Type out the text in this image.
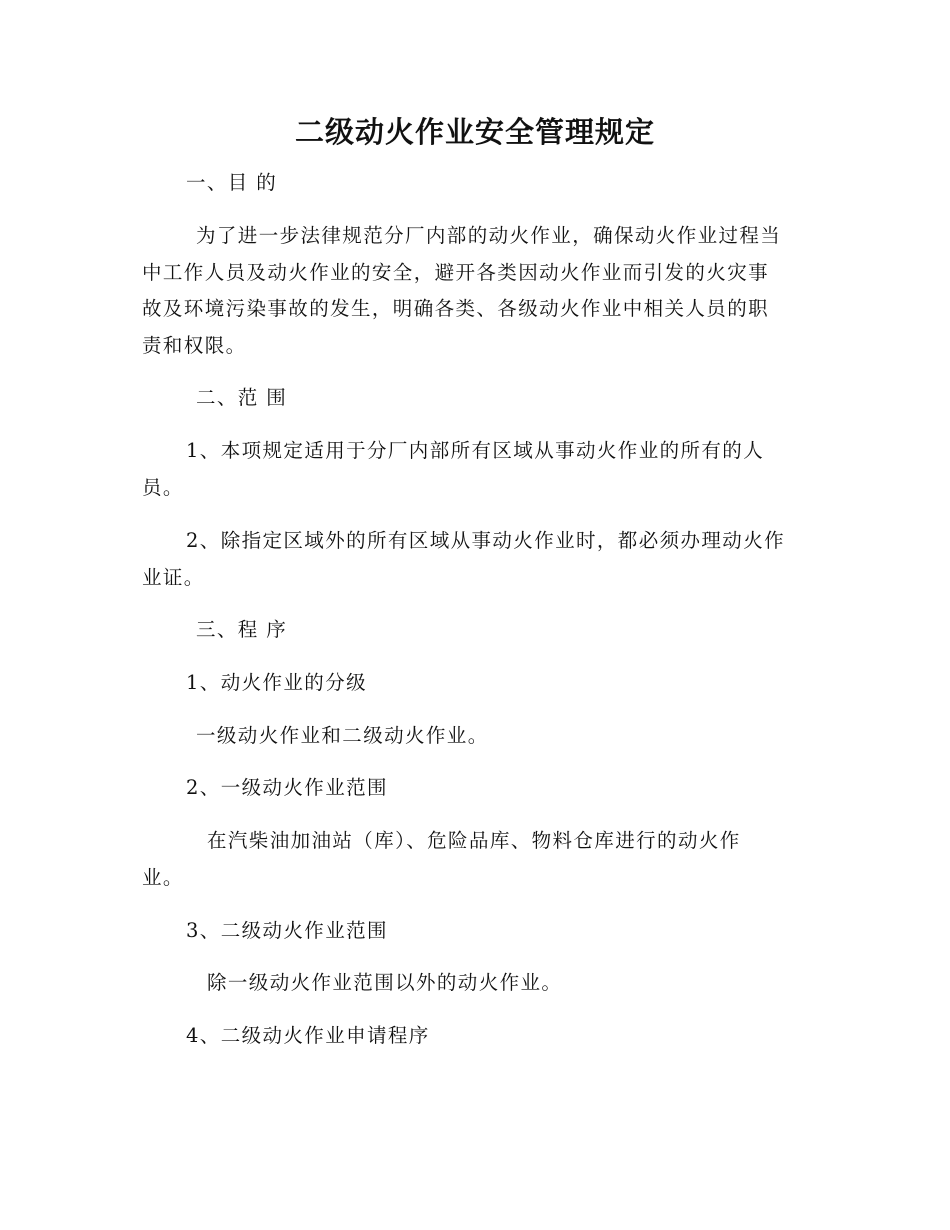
二级动火作业安全管理规定
一、目 的
为了进一步法律规范分厂内部的动火作业，确保动火作业过程当
中工作人员及动火作业的安全，避开各类因动火作业而引发的火灾事
故及环境污染事故的发生，明确各类、各级动火作业中相关人员的职
责和权限。
二、范 围
1、本项规定适用于分厂内部所有区域从事动火作业的所有的人
员。
2、除指定区域外的所有区域从事动火作业时，都必须办理动火作
业证。
三、程 序
1、动火作业的分级
一级动火作业和二级动火作业。
2、一级动火作业范围
在汽柴油加油站（库）、危险品库、物料仓库进行的动火作
业。
3、二级动火作业范围
除一级动火作业范围以外的动火作业。
4、二级动火作业申请程序
